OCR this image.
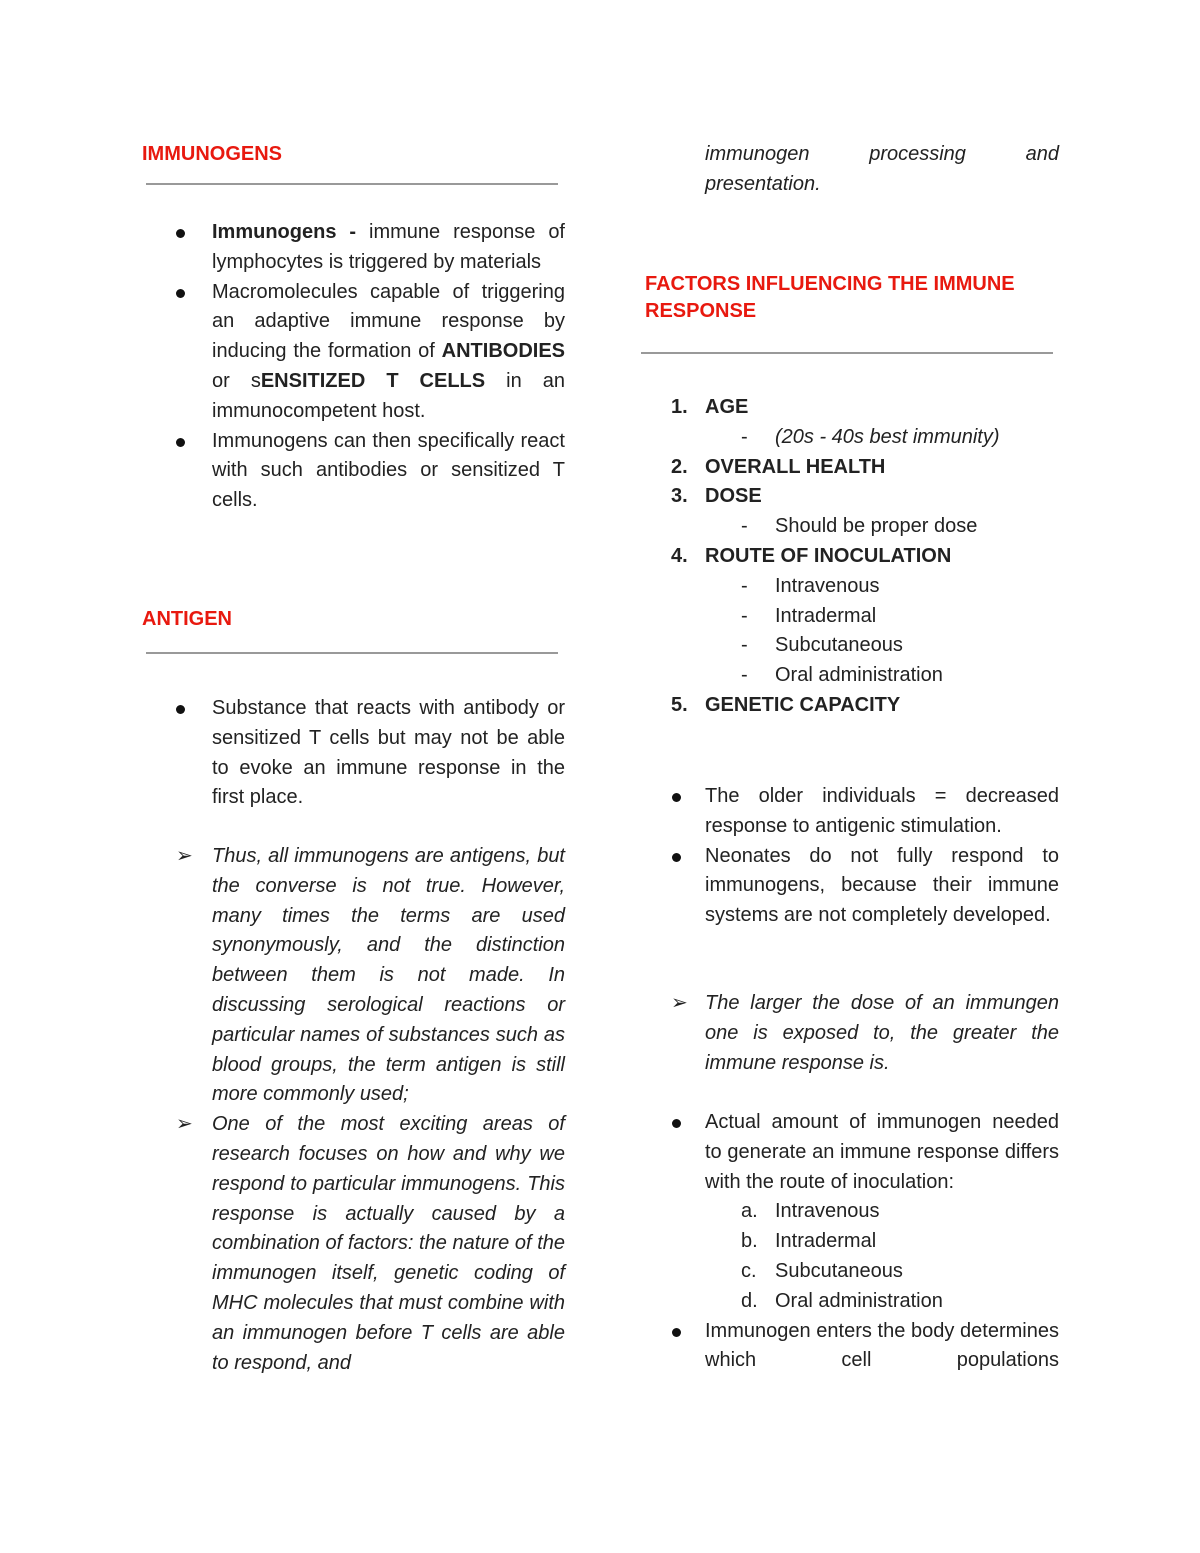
IMMUNOGENS
Immunogens - immune response of lymphocytes is triggered by materials
Macromolecules capable of triggering an adaptive immune response by inducing the formation of ANTIBODIES or sENSITIZED T CELLS in an immunocompetent host.
Immunogens can then specifically react with such antibodies or sensitized T cells.
ANTIGEN
Substance that reacts with antibody or sensitized T cells but may not be able to evoke an immune response in the first place.
➢ Thus, all immunogens are antigens, but the converse is not true. However, many times the terms are used synonymously, and the distinction between them is not made. In discussing serological reactions or particular names of substances such as blood groups, the term antigen is still more commonly used;
➢ One of the most exciting areas of research focuses on how and why we respond to particular immunogens. This response is actually caused by a combination of factors: the nature of the immunogen itself, genetic coding of MHC molecules that must combine with an immunogen before T cells are able to respond, and

immunogen processing and presentation.

FACTORS INFLUENCING THE IMMUNE
RESPONSE
1. AGE
- (20s - 40s best immunity)
2. OVERALL HEALTH
3. DOSE
- Should be proper dose
4. ROUTE OF INOCULATION
- Intravenous
- Intradermal
- Subcutaneous
- Oral administration
5. GENETIC CAPACITY
The older individuals = decreased response to antigenic stimulation.
Neonates do not fully respond to immunogens, because their immune systems are not completely developed.
➢ The larger the dose of an immungen one is exposed to, the greater the immune response is.
Actual amount of immunogen needed to generate an immune response differs with the route of inoculation:
a. Intravenous
b. Intradermal
c. Subcutaneous
d. Oral administration
Immunogen enters the body determines which cell populations
